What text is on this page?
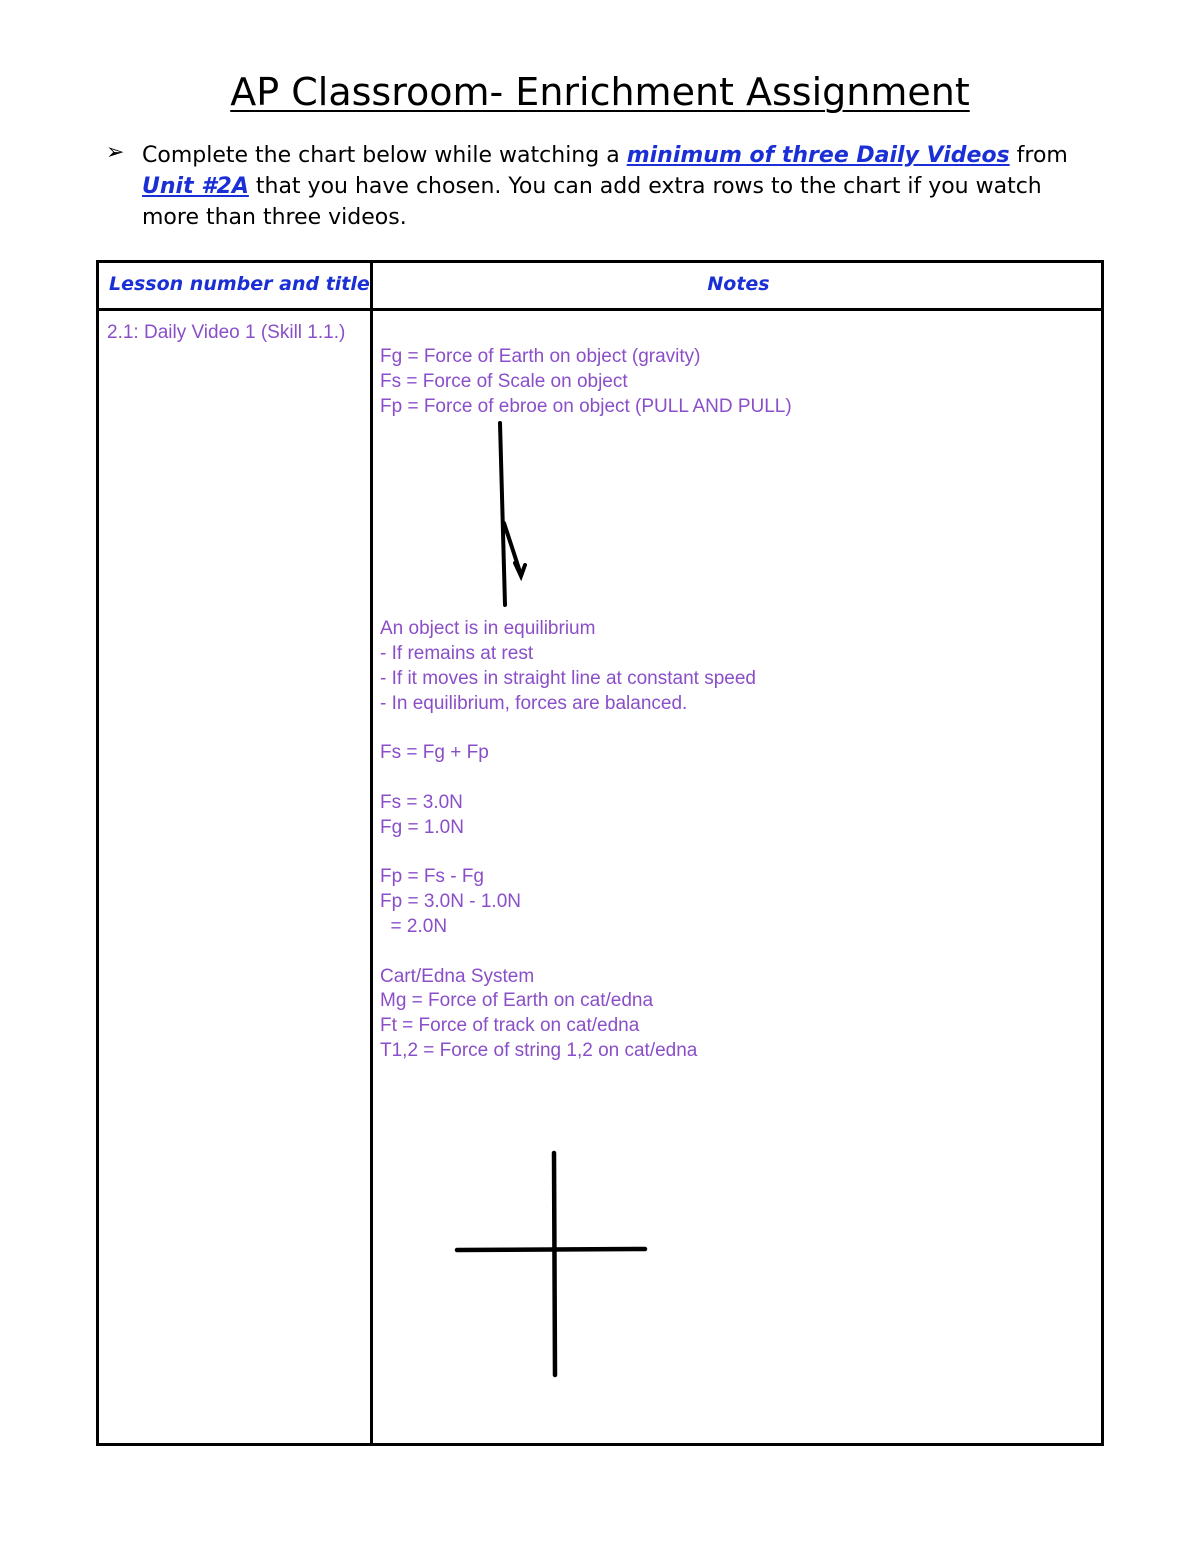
AP Classroom- Enrichment Assignment
➢ Complete the chart below while watching a minimum of three Daily Videos from Unit #2A that you have chosen. You can add extra rows to the chart if you watch more than three videos.
Lesson number and title	Notes
2.1: Daily Video 1 (Skill 1.1.)
Fg = Force of Earth on object (gravity)
Fs = Force of Scale on object
Fp = Force of ebroe on object (PULL AND PULL)
An object is in equilibrium
- If remains at rest
- If it moves in straight line at constant speed
- In equilibrium, forces are balanced.
Fs = Fg + Fp
Fs = 3.0N
Fg = 1.0N
Fp = Fs - Fg
Fp = 3.0N - 1.0N
= 2.0N
Cart/Edna System
Mg = Force of Earth on cat/edna
Ft = Force of track on cat/edna
T1,2 = Force of string 1,2 on cat/edna
